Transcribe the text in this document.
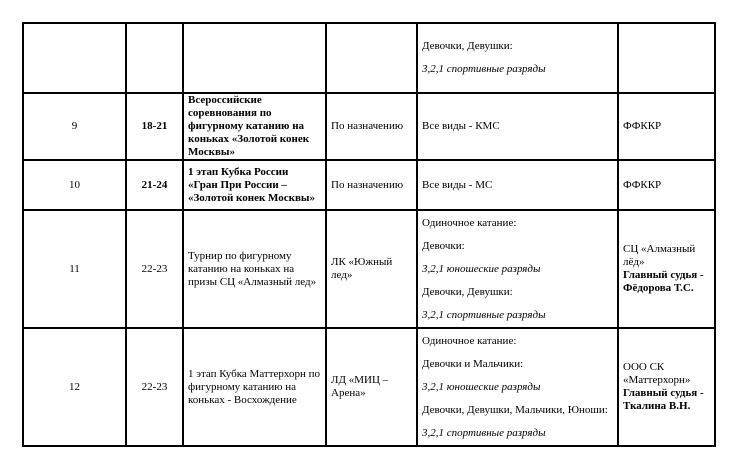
				Девочки, Девушки:
3,2,1 спортивные разряды	

9	18-21	Всероссийские
соревнования по
фигурному катанию на
коньках «Золотой конек
Москвы»	По назначению	Все виды - КМС	ФФККР

10	21-24	1 этап Кубка России
«Гран При России –
«Золотой конек Москвы»	По назначению	Все виды - МС	ФФККР

11	22-23	Турнир по фигурному
катанию на коньках на
призы СЦ «Алмазный лед»	ЛК «Южный
лед»	Одиночное катание:
Девочки:
3,2,1 юношеские разряды
Девочки, Девушки:
3,2,1 спортивные разряды	СЦ «Алмазный
лёд»
Главный судья -
Фёдорова Т.С.

12	22-23	1 этап Кубка Маттерхорн по
фигурному катанию на
коньках - Восхождение	ЛД «МИЦ –
Арена»	Одиночное катание:
Девочки и Мальчики:
3,2,1 юношеские разряды
Девочки, Девушки, Мальчики, Юноши:
3,2,1 спортивные разряды	ООО СК
«Маттерхорн»
Главный судья -
Ткалина В.Н.
